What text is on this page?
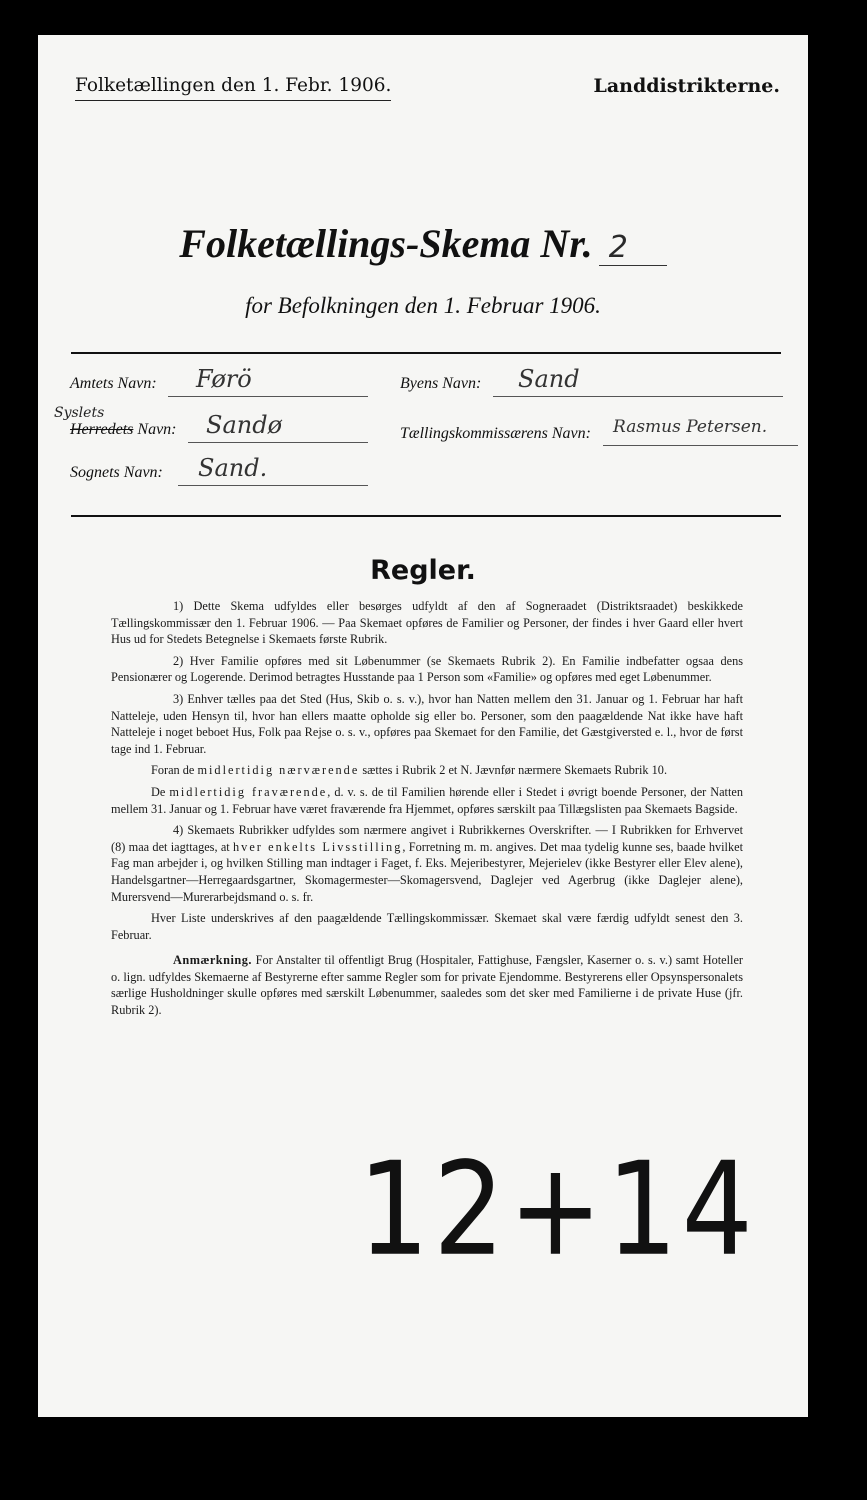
Folketællingen den 1. Febr. 1906.	Landdistrikterne.
Folketællings-Skema Nr. 2
for Befolkningen den 1. Februar 1906.
Amtets Navn: Førö	Byens Navn: Sand
Syslets
Herredets Navn: Sandø	Tællingskommissærens Navn: Rasmus Petersen.
Sognets Navn: Sand.
Regler.

1) Dette Skema udfyldes eller besørges udfyldt af den af Sogneraadet (Distriktsraadet) beskikkede Tællingskommissær den 1. Februar 1906. — Paa Skemaet opføres de Familier og Personer, der findes i hver Gaard eller hvert Hus ud for Stedets Betegnelse i Skemaets første Rubrik.

2) Hver Familie opføres med sit Løbenummer (se Skemaets Rubrik 2). En Familie indbefatter ogsaa dens Pensionærer og Logerende. Derimod betragtes Husstande paa 1 Person som «Familie» og opføres med eget Løbenummer.

3) Enhver tælles paa det Sted (Hus, Skib o. s. v.), hvor han Natten mellem den 31. Januar og 1. Februar har haft Natteleje, uden Hensyn til, hvor han ellers maatte opholde sig eller bo. Personer, som den paagældende Nat ikke have haft Natteleje i noget beboet Hus, Folk paa Rejse o. s. v., opføres paa Skemaet for den Familie, det Gæstgiversted e. l., hvor de først tage ind 1. Februar.

Foran de midlertidig nærværende sættes i Rubrik 2 et N. Jævnfør nærmere Skemaets Rubrik 10.

De midlertidig fraværende, d. v. s. de til Familien hørende eller i Stedet i øvrigt boende Personer, der Natten mellem 31. Januar og 1. Februar have været fraværende fra Hjemmet, opføres særskilt paa Tillægslisten paa Skemaets Bagside.

4) Skemaets Rubrikker udfyldes som nærmere angivet i Rubrikkernes Overskrifter. — I Rubrikken for Erhvervet (8) maa det iagttages, at hver enkelts Livsstilling, Forretning m. m. angives. Det maa tydelig kunne ses, baade hvilket Fag man arbejder i, og hvilken Stilling man indtager i Faget, f. Eks. Mejeribestyrer, Mejerielev (ikke Bestyrer eller Elev alene), Handelsgartner—Herregaardsgartner, Skomagermester—Skomagersvend, Daglejer ved Agerbrug (ikke Daglejer alene), Murersvend—Murerarbejdsmand o. s. fr.

Hver Liste underskrives af den paagældende Tællingskommissær. Skemaet skal være færdig udfyldt senest den 3. Februar.

Anmærkning. For Anstalter til offentligt Brug (Hospitaler, Fattighuse, Fængsler, Kaserner o. s. v.) samt Hoteller o. lign. udfyldes Skemaerne af Bestyrerne efter samme Regler som for private Ejendomme. Bestyrerens eller Opsynspersonalets særlige Husholdninger skulle opføres med særskilt Løbenummer, saaledes som det sker med Familierne i de private Huse (jfr. Rubrik 2).

12+14
